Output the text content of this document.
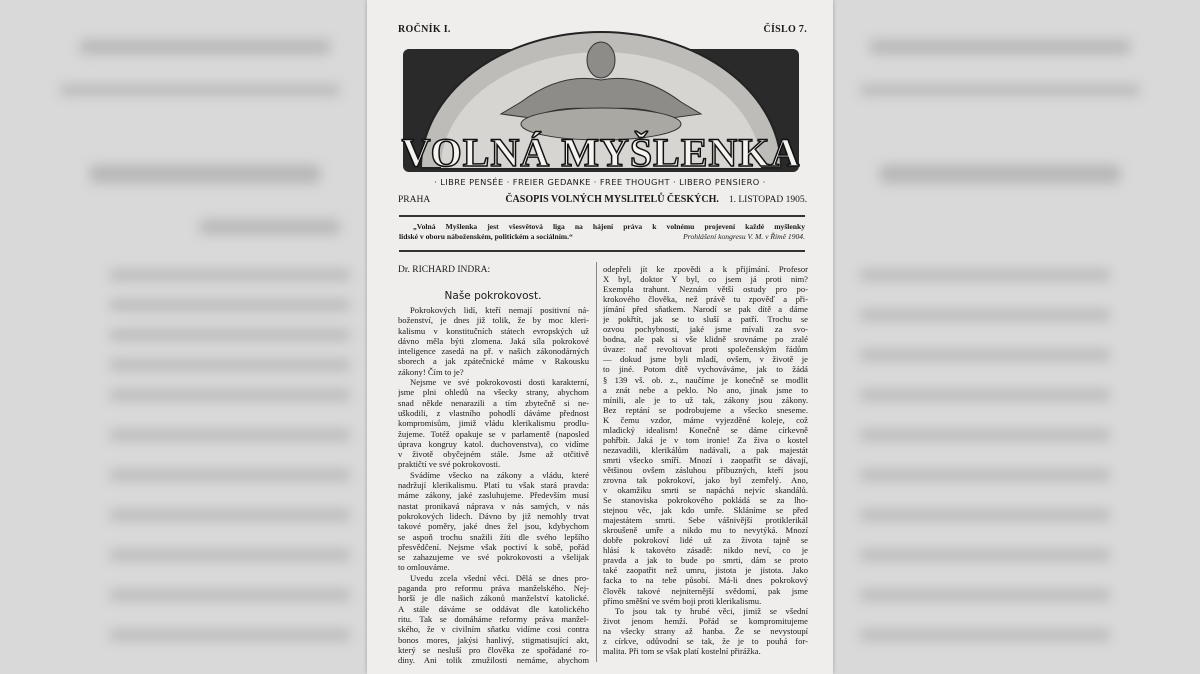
ROČNÍK I.	ČÍSLO 7.
VOLNÁ MYŠLENKA
· LIBRE PENSÉE · FREIER GEDANKE · FREE THOUGHT · LIBERO PENSIERO ·
PRAHA	ČASOPIS VOLNÝCH MYSLITELŮ ČESKÝCH. 1. LISTOPAD 1905.
„Volná Myšlenka jest všesvětová liga na hájení práva k volnému projevení každé myšlenky
lidské v oboru náboženském, politickém a sociálním.“	Prohlášení kongresu V. M. v Římě 1904.
Dr. RICHARD INDRA:
Naše pokrokovost.
Pokrokových lidí, kteří nemají positivní ná-
boženství, je dnes již tolik, že by moc kleri-
kalismu v konstitučních státech evropských už
dávno měla býti zlomena. Jaká síla pokrokové
inteligence zasedá na př. v našich zákonodárných
sborech a jak zpátečnické máme v Rakousku
zákony! Čím to je?
Nejsme ve své pokrokovosti dosti karakterní,
jsme plni ohledů na všecky strany, abychom
snad někde nenarazili a tím zbytečně si ne-
uškodili, z vlastního pohodlí dáváme přednost
kompromisům, jimiž vládu klerikalismu prodlu-
žujeme. Totéž opakuje se v parlamentě (naposled
úprava kongruy katol. duchovenstva), co vidíme
v životě obyčejném stále. Jsme až otčitivě
praktičtí ve své pokrokovosti.
Svádíme všecko na zákony a vládu, které
nadržují klerikalismu. Platí tu však stará pravda:
máme zákony, jaké zasluhujeme. Především musí
nastat pronikavá náprava v nás samých, v nás
pokrokových lidech. Dávno by již nemohly trvat
takové poměry, jaké dnes žel jsou, kdybychom
se aspoň trochu snažili žíti dle svého lepšího
přesvědčení. Nejsme však poctiví k sobě, pořád
se zahazujeme ve své pokrokovosti a všelijak
to omlouváme.
Uvedu zcela všední věci. Dělá se dnes pro-
paganda pro reformu práva manželského. Nej-
horší je dle našich zákonů manželství katolické.
A stále dáváme se oddávat dle katolického
ritu. Tak se domáháme reformy práva manžel-
ského, že v civilním sňatku vidíme cosi contra
bonos mores, jakýsi hanlivý, stigmatisující akt,
který se nesluší pro člověka ze spořádané ro-
diny. Ani tolik zmužilosti nemáme, abychom
odepřeli jít ke zpovědi a k přijímání. Profesor
X byl, doktor Y byl, co jsem já proti nim?
Exempla trahunt. Neznám větší ostudy pro po-
krokového člověka, než právě tu zpověď a při-
jímání před sňatkem. Narodí se pak dítě a dáme
je pokřtít, jak se to sluší a patří. Trochu se
ozvou pochybnosti, jaké jsme mívali za svo-
bodna, ale pak si vše klidně srovnáme po zralé
úvaze: nač revoltovat proti společenským řádům
— dokud jsme byli mladí, ovšem, v životě je
to jiné. Potom dítě vychováváme, jak to žádá
§ 139 vš. ob. z., naučíme je konečně se modlit
a znát nebe a peklo. No ano, jinak jsme to
mínili, ale je to už tak, zákony jsou zákony.
Bez reptání se podrobujeme a všecko sneseme.
K čemu vzdor, máme vyjezděné koleje, což
mladický idealism! Konečně se dáme církevně
pohřbít. Jaká je v tom ironie! Za živa o kostel
nezavadili, klerikálům nadávali, a pak majestát
smrti všecko smíří. Mnozí i zaopatřit se dávají,
většinou ovšem zásluhou příbuzných, kteří jsou
zrovna tak pokrokoví, jako byl zemřelý. Ano,
v okamžiku smrti se napáchá nejvíc skandálů.
Se stanoviska pokrokového pokládá se za lho-
stejnou věc, jak kdo umře. Skláníme se před
majestátem smrti. Sebe vášnivější protiklerikál
skroušeně umře a nikdo mu to nevytýká. Mnozí
dobře pokrokoví lidé už za života tajně se
hlásí k takovéto zásadě: nikdo neví, co je
pravda a jak to bude po smrti, dám se proto
také zaopatřit než umru, jistota je jistota. Jako
facka to na tebe působí. Má-li dnes pokrokový
člověk takové nejniternější svědomí, pak jsme
přímo směšní ve svém boji proti klerikalismu.
To jsou tak ty hrubé věci, jimiž se všední
život jenom hemží. Pořád se kompromitujeme
na všecky strany až hanba. Že se nevystoupí
z církve, odůvodní se tak, že je to pouhá for-
malita. Při tom se však platí kostelní přirážka.
